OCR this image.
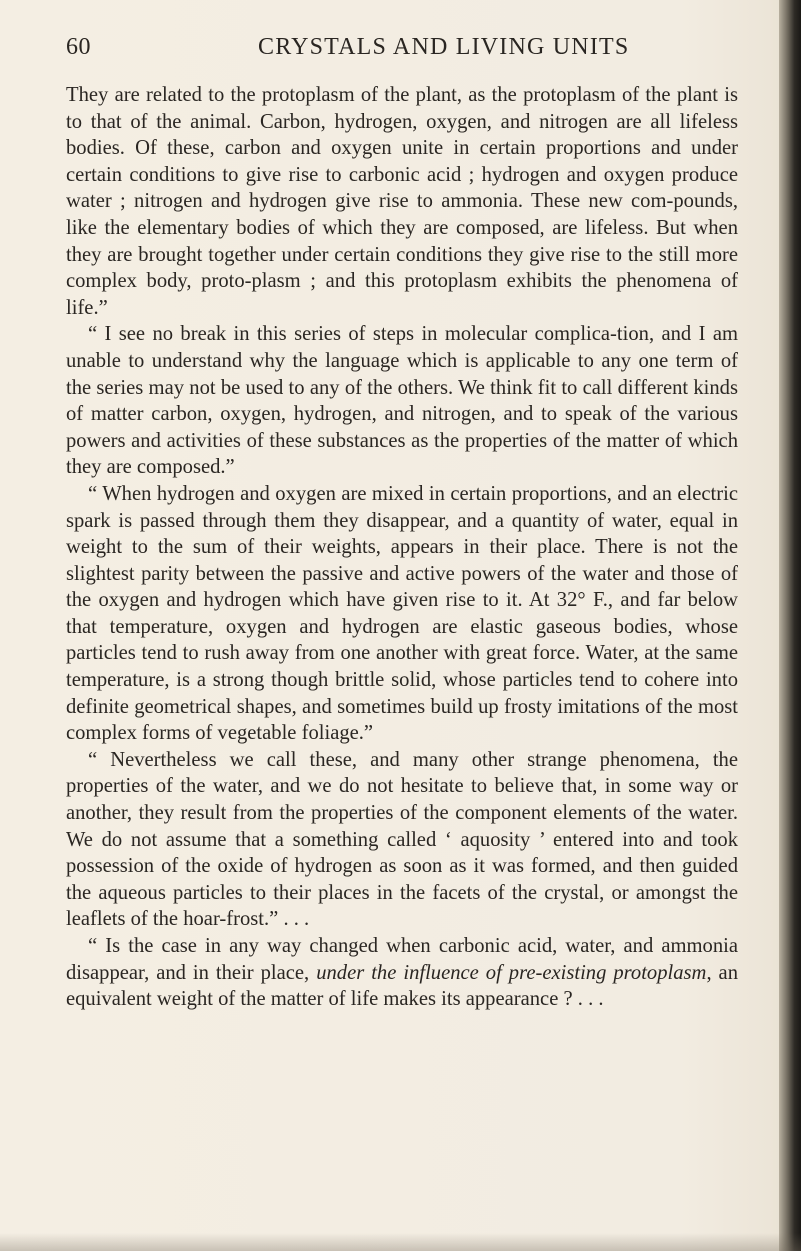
60	CRYSTALS AND LIVING UNITS

They are related to the protoplasm of the plant, as the protoplasm of the plant is to that of the animal. Carbon, hydrogen, oxygen, and nitrogen are all lifeless bodies. Of these, carbon and oxygen unite in certain proportions and under certain conditions to give rise to carbonic acid ; hydrogen and oxygen produce water ; nitrogen and hydrogen give rise to ammonia. These new com-pounds, like the elementary bodies of which they are composed, are lifeless. But when they are brought together under certain conditions they give rise to the still more complex body, proto-plasm ; and this protoplasm exhibits the phenomena of life.”

“ I see no break in this series of steps in molecular complica-tion, and I am unable to understand why the language which is applicable to any one term of the series may not be used to any of the others. We think fit to call different kinds of matter carbon, oxygen, hydrogen, and nitrogen, and to speak of the various powers and activities of these substances as the properties of the matter of which they are composed.”

“ When hydrogen and oxygen are mixed in certain proportions, and an electric spark is passed through them they disappear, and a quantity of water, equal in weight to the sum of their weights, appears in their place. There is not the slightest parity between the passive and active powers of the water and those of the oxygen and hydrogen which have given rise to it. At 32° F., and far below that temperature, oxygen and hydrogen are elastic gaseous bodies, whose particles tend to rush away from one another with great force. Water, at the same temperature, is a strong though brittle solid, whose particles tend to cohere into definite geometrical shapes, and sometimes build up frosty imitations of the most complex forms of vegetable foliage.”

“ Nevertheless we call these, and many other strange phenomena, the properties of the water, and we do not hesitate to believe that, in some way or another, they result from the properties of the component elements of the water. We do not assume that a something called ‘ aquosity ’ entered into and took possession of the oxide of hydrogen as soon as it was formed, and then guided the aqueous particles to their places in the facets of the crystal, or amongst the leaflets of the hoar-frost.” . . .

“ Is the case in any way changed when carbonic acid, water, and ammonia disappear, and in their place, under the influence of pre-existing protoplasm, an equivalent weight of the matter of life makes its appearance ? . . .
